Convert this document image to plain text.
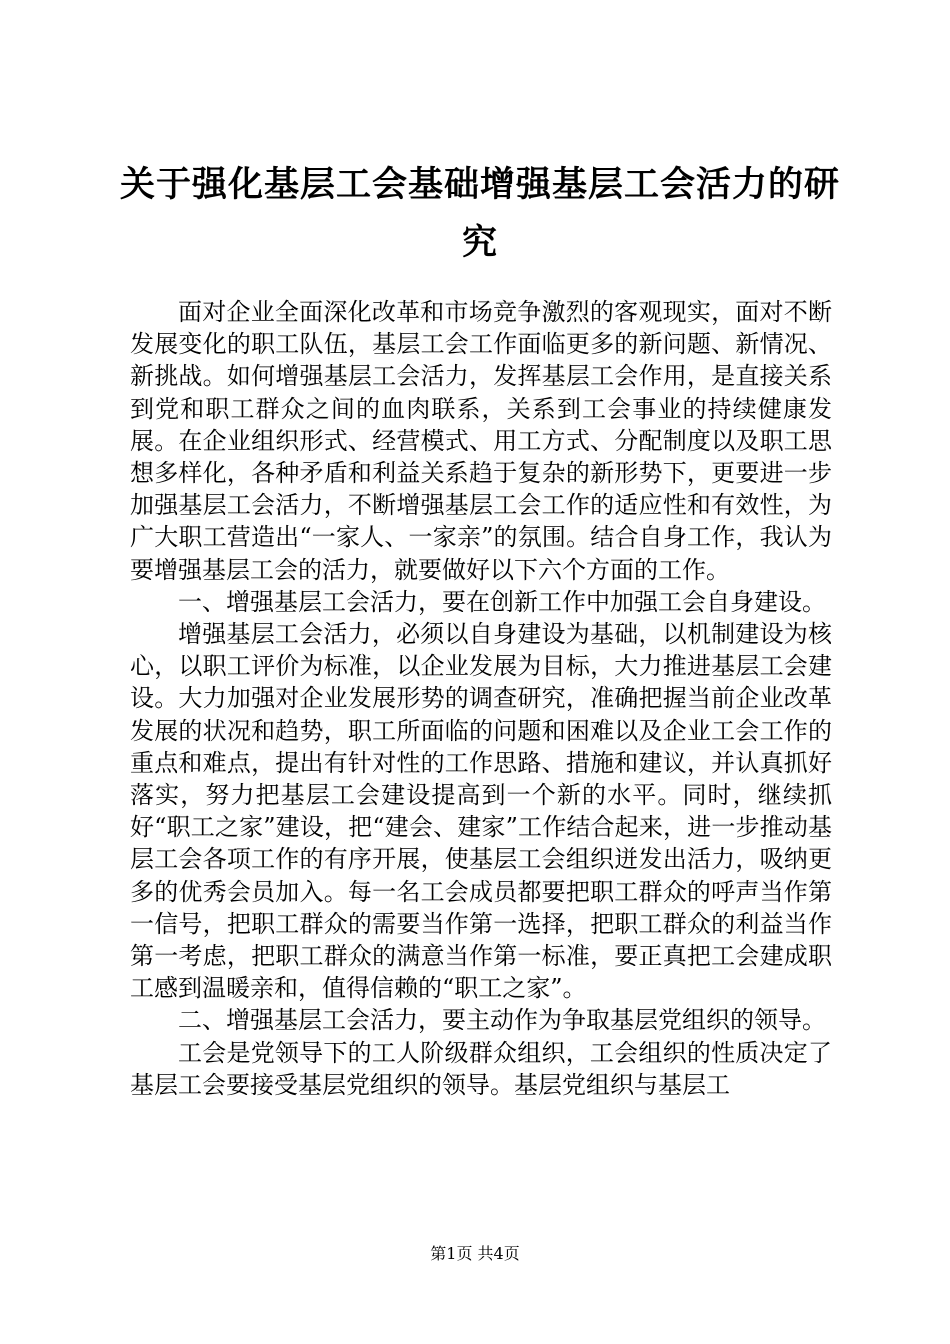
关于强化基层工会基础增强基层工会活力的研究

面对企业全面深化改革和市场竞争激烈的客观现实，面对不断发展变化的职工队伍，基层工会工作面临更多的新问题、新情况、新挑战。如何增强基层工会活力，发挥基层工会作用，是直接关系到党和职工群众之间的血肉联系，关系到工会事业的持续健康发展。在企业组织形式、经营模式、用工方式、分配制度以及职工思想多样化，各种矛盾和利益关系趋于复杂的新形势下，更要进一步加强基层工会活力，不断增强基层工会工作的适应性和有效性，为广大职工营造出“一家人、一家亲”的氛围。结合自身工作，我认为要增强基层工会的活力，就要做好以下六个方面的工作。

一、增强基层工会活力，要在创新工作中加强工会自身建设。

增强基层工会活力，必须以自身建设为基础，以机制建设为核心，以职工评价为标准，以企业发展为目标，大力推进基层工会建设。大力加强对企业发展形势的调查研究，准确把握当前企业改革发展的状况和趋势，职工所面临的问题和困难以及企业工会工作的重点和难点，提出有针对性的工作思路、措施和建议，并认真抓好落实，努力把基层工会建设提高到一个新的水平。同时，继续抓好“职工之家”建设，把“建会、建家”工作结合起来，进一步推动基层工会各项工作的有序开展，使基层工会组织迸发出活力，吸纳更多的优秀会员加入。每一名工会成员都要把职工群众的呼声当作第一信号，把职工群众的需要当作第一选择，把职工群众的利益当作第一考虑，把职工群众的满意当作第一标准，要正真把工会建成职工感到温暖亲和，值得信赖的“职工之家”。

二、增强基层工会活力，要主动作为争取基层党组织的领导。

工会是党领导下的工人阶级群众组织，工会组织的性质决定了基层工会要接受基层党组织的领导。基层党组织与基层工

第1页 共4页
